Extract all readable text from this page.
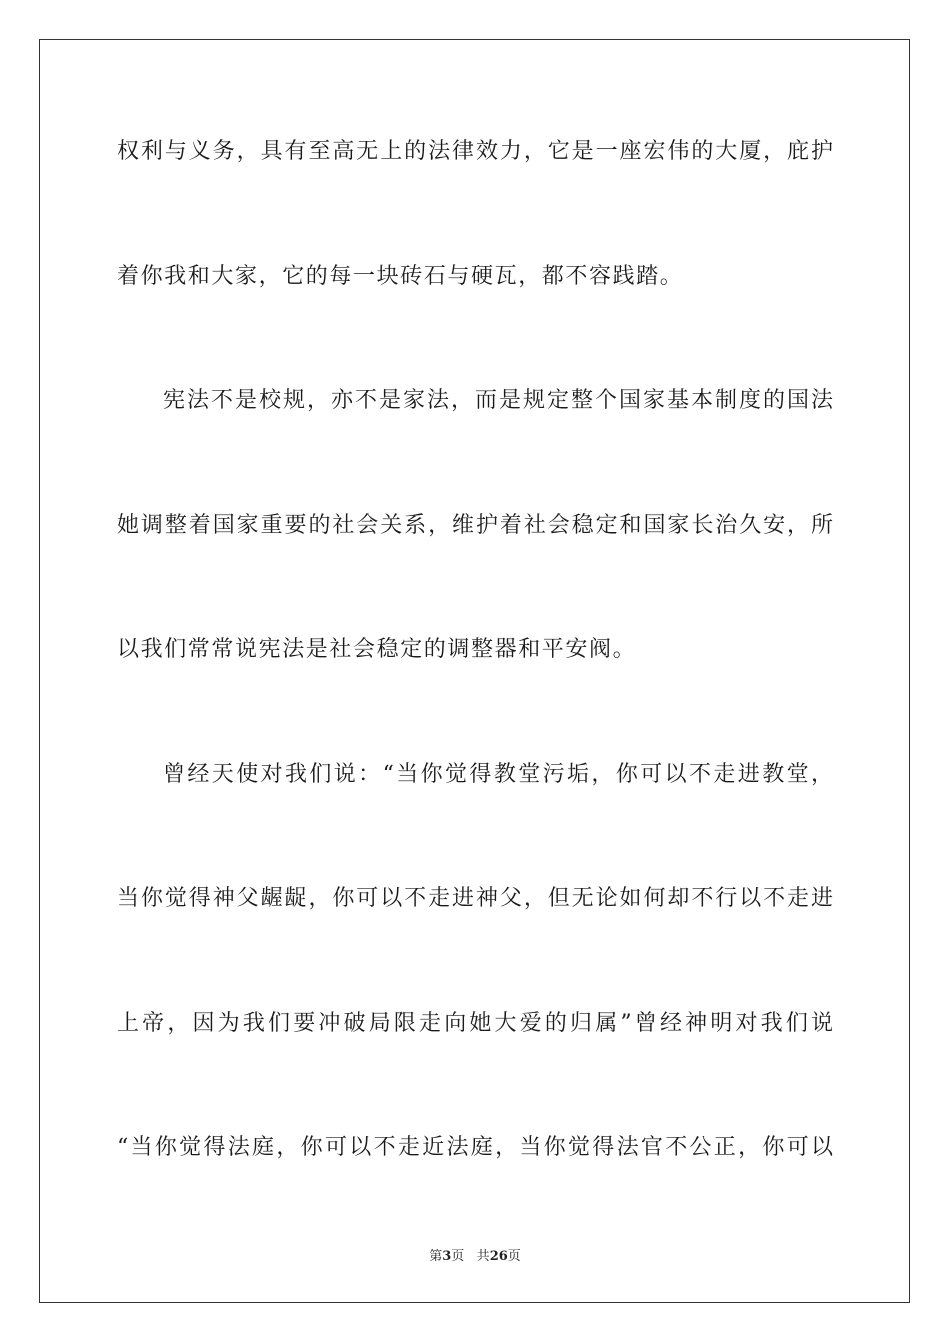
权利与义务，具有至高无上的法律效力，它是一座宏伟的大厦，庇护
着你我和大家，它的每一块砖石与硬瓦，都不容践踏。
宪法不是校规，亦不是家法，而是规定整个国家基本制度的国法
她调整着国家重要的社会关系，维护着社会稳定和国家长治久安，所
以我们常常说宪法是社会稳定的调整器和平安阀。
曾经天使对我们说：“当你觉得教堂污垢，你可以不走进教堂，
当你觉得神父龌龊，你可以不走进神父，但无论如何却不行以不走进
上帝，因为我们要冲破局限走向她大爱的归属”曾经神明对我们说
“当你觉得法庭，你可以不走近法庭，当你觉得法官不公正，你可以
第3页 共26页
